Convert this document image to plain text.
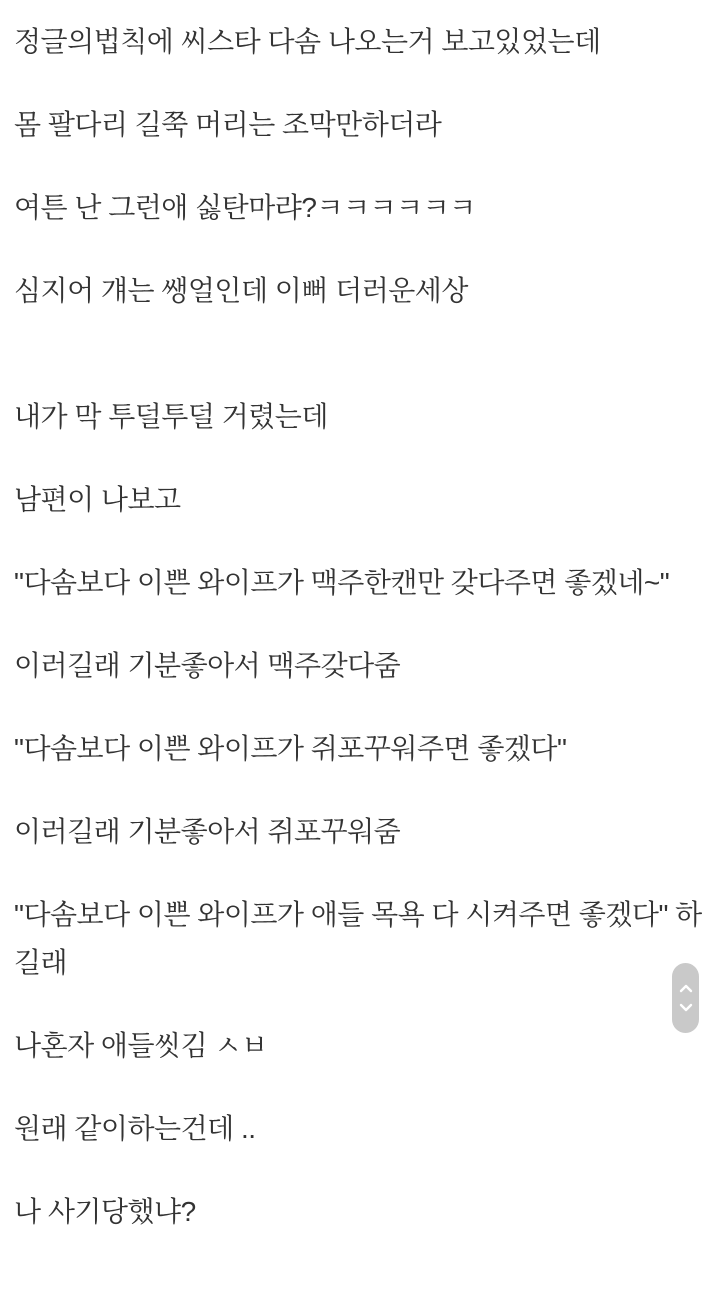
정글의법칙에 씨스타 다솜 나오는거 보고있었는데

몸 팔다리 길쭉 머리는 조막만하더라

여튼 난 그런애 싫탄마랴?ㅋㅋㅋㅋㅋㅋ

심지어 걔는 쌩얼인데 이뻐 더러운세상

내가 막 투덜투덜 거렸는데

남편이 나보고

"다솜보다 이쁜 와이프가 맥주한캔만 갖다주면 좋겠네~"

이러길래 기분좋아서 맥주갖다줌

"다솜보다 이쁜 와이프가 쥐포꾸워주면 좋겠다"

이러길래 기분좋아서 쥐포꾸워줌

"다솜보다 이쁜 와이프가 애들 목욕 다 시켜주면 좋겠다" 하길래

나혼자 애들씻김 ㅅㅂ

원래 같이하는건데 ..

나 사기당했냐?
